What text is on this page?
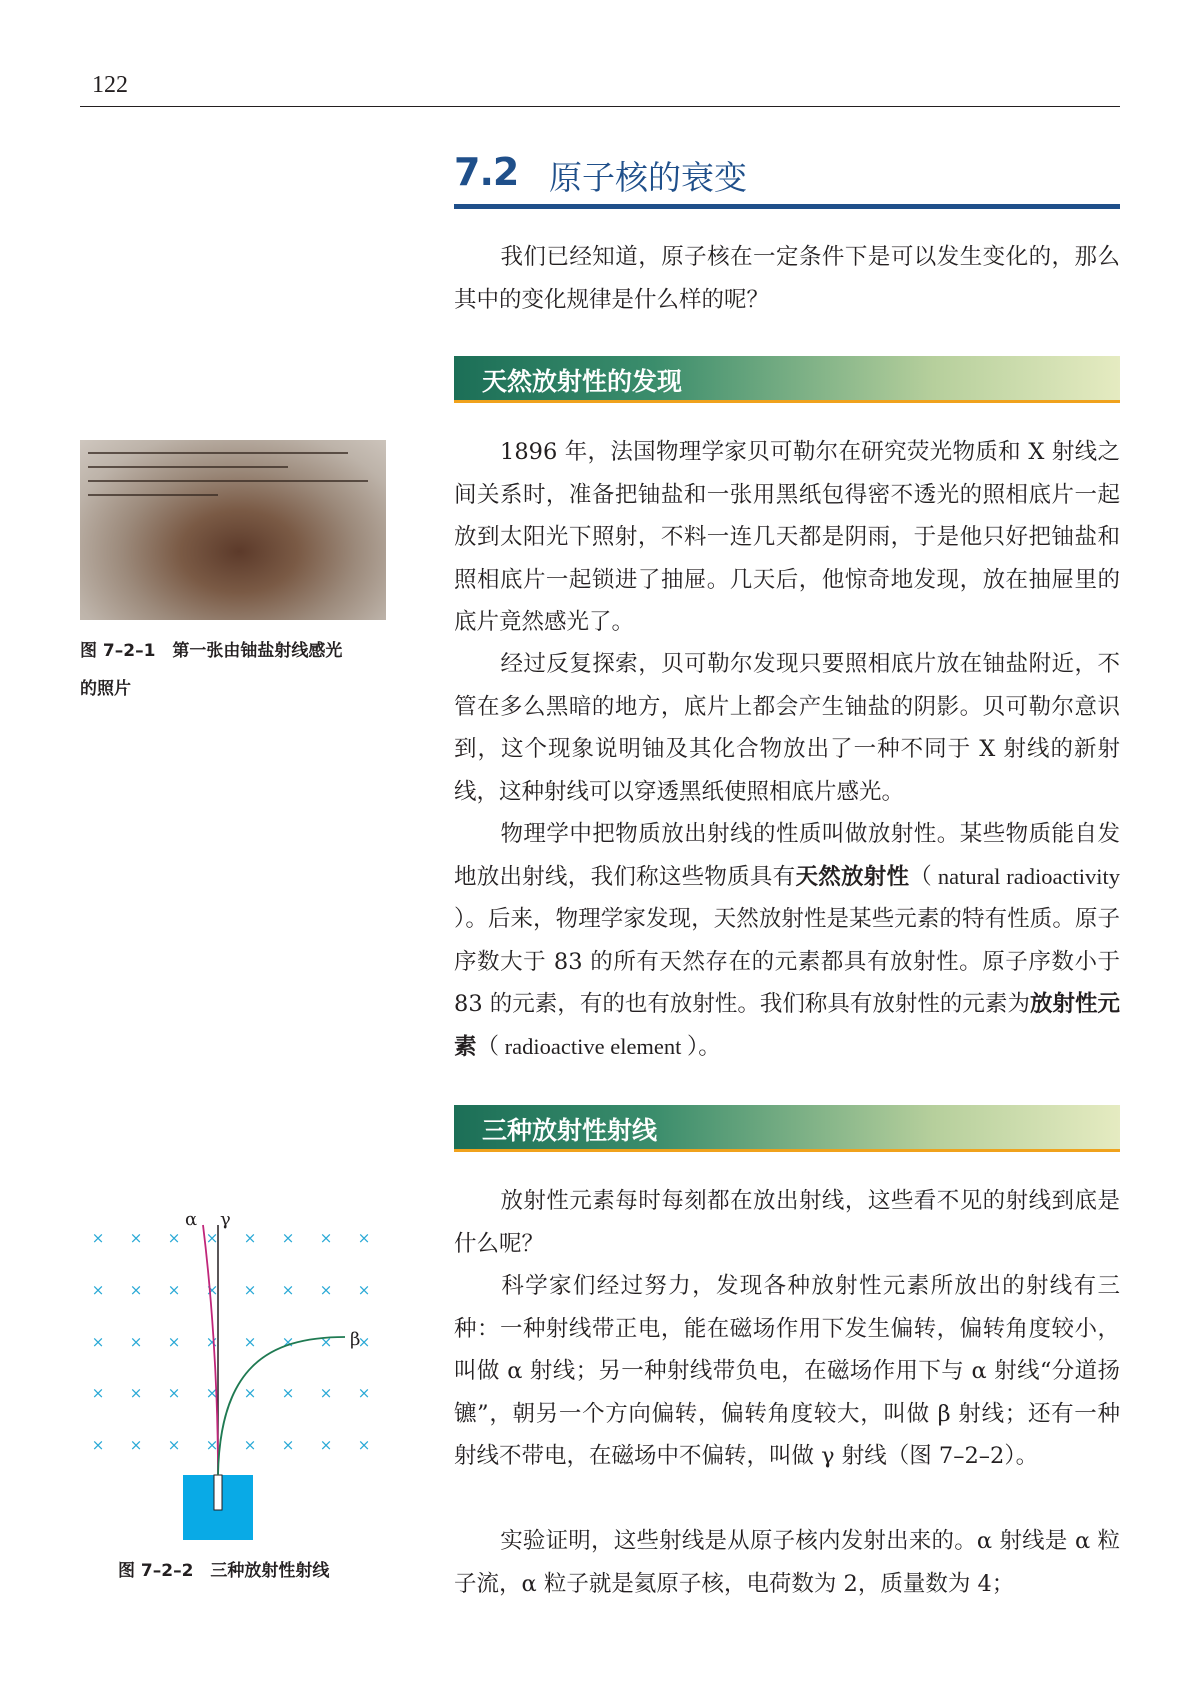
122
7.2 原子核的衰变

我们已经知道，原子核在一定条件下是可以发生变化的，那么其中的变化规律是什么样的呢？

天然放射性的发现

1896 年，法国物理学家贝可勒尔在研究荧光物质和 X 射线之间关系时，准备把铀盐和一张用黑纸包得密不透光的照相底片一起放到太阳光下照射，不料一连几天都是阴雨，于是他只好把铀盐和照相底片一起锁进了抽屉。几天后，他惊奇地发现，放在抽屉里的底片竟然感光了。

经过反复探索，贝可勒尔发现只要照相底片放在铀盐附近，不管在多么黑暗的地方，底片上都会产生铀盐的阴影。贝可勒尔意识到，这个现象说明铀及其化合物放出了一种不同于 X 射线的新射线，这种射线可以穿透黑纸使照相底片感光。

物理学中把物质放出射线的性质叫做放射性。某些物质能自发地放出射线，我们称这些物质具有天然放射性（ natural radioactivity ）。后来，物理学家发现，天然放射性是某些元素的特有性质。原子序数大于 83 的所有天然存在的元素都具有放射性。原子序数小于 83 的元素，有的也有放射性。我们称具有放射性的元素为放射性元素（ radioactive element ）。

三种放射性射线

放射性元素每时每刻都在放出射线，这些看不见的射线到底是什么呢？

科学家们经过努力，发现各种放射性元素所放出的射线有三种：一种射线带正电，能在磁场作用下发生偏转，偏转角度较小，叫做 α 射线；另一种射线带负电，在磁场作用下与 α 射线“分道扬镳”，朝另一个方向偏转，偏转角度较大，叫做 β 射线；还有一种射线不带电，在磁场中不偏转，叫做 γ 射线（图 7–2–2）。

实验证明，这些射线是从原子核内发射出来的。α 射线是 α 粒子流，α 粒子就是氦原子核，电荷数为 2，质量数为 4；

图 7–2–1　第一张由铀盐射线感光
的照片
× × × × × × × ×
× × × × × × × ×
× × × × × × × ×
× × × × × × × ×
× × × × × × × ×
α γ
β
图 7–2–2　三种放射性射线
